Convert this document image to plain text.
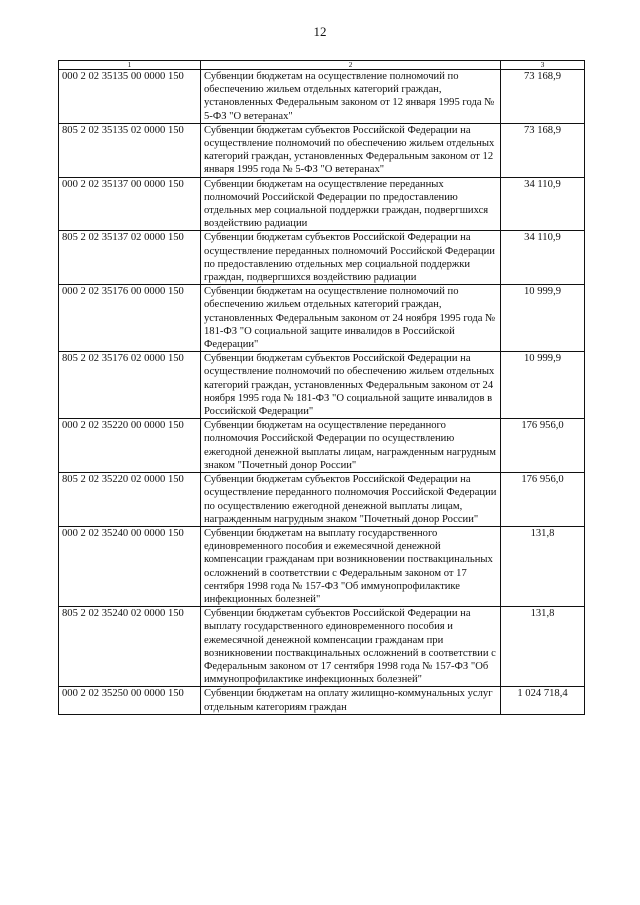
12
1	2	3
000 2 02 35135 00 0000 150	Субвенции бюджетам на осуществление полномочий по обеспечению жильем отдельных категорий граждан, установленных Федеральным законом от 12 января 1995 года № 5-ФЗ "О ветеранах"	73 168,9
805 2 02 35135 02 0000 150	Субвенции бюджетам субъектов Российской Федерации на осуществление полномочий по обеспечению жильем отдельных категорий граждан, установленных Федеральным законом от 12 января 1995 года № 5-ФЗ "О ветеранах"	73 168,9
000 2 02 35137 00 0000 150	Субвенции бюджетам на осуществление переданных полномочий Российской Федерации по предоставлению отдельных мер социальной поддержки граждан, подвергшихся воздействию радиации	34 110,9
805 2 02 35137 02 0000 150	Субвенции бюджетам субъектов Российской Федерации на осуществление переданных полномочий Российской Федерации по предоставлению отдельных мер социальной поддержки граждан, подвергшихся воздействию радиации	34 110,9
000 2 02 35176 00 0000 150	Субвенции бюджетам на осуществление полномочий по обеспечению жильем отдельных категорий граждан, установленных Федеральным законом от 24 ноября 1995 года № 181-ФЗ "О социальной защите инвалидов в Российской Федерации"	10 999,9
805 2 02 35176 02 0000 150	Субвенции бюджетам субъектов Российской Федерации на осуществление полномочий по обеспечению жильем отдельных категорий граждан, установленных Федеральным законом от 24 ноября 1995 года № 181-ФЗ "О социальной защите инвалидов в Российской Федерации"	10 999,9
000 2 02 35220 00 0000 150	Субвенции бюджетам на осуществление переданного полномочия Российской Федерации по осуществлению ежегодной денежной выплаты лицам, награжденным нагрудным знаком "Почетный донор России"	176 956,0
805 2 02 35220 02 0000 150	Субвенции бюджетам субъектов Российской Федерации на осуществление переданного полномочия Российской Федерации по осуществлению ежегодной денежной выплаты лицам, награжденным нагрудным знаком "Почетный донор России"	176 956,0
000 2 02 35240 00 0000 150	Субвенции бюджетам на выплату государственного единовременного пособия и ежемесячной денежной компенсации гражданам при возникновении поствакцинальных осложнений в соответствии с Федеральным законом от 17 сентября 1998 года № 157-ФЗ "Об иммунопрофилактике инфекционных болезней"	131,8
805 2 02 35240 02 0000 150	Субвенции бюджетам субъектов Российской Федерации на выплату государственного единовременного пособия и ежемесячной денежной компенсации гражданам при возникновении поствакцинальных осложнений в соответствии с Федеральным законом от 17 сентября 1998 года № 157-ФЗ "Об иммунопрофилактике инфекционных болезней"	131,8
000 2 02 35250 00 0000 150	Субвенции бюджетам на оплату жилищно-коммунальных услуг отдельным категориям граждан	1 024 718,4
